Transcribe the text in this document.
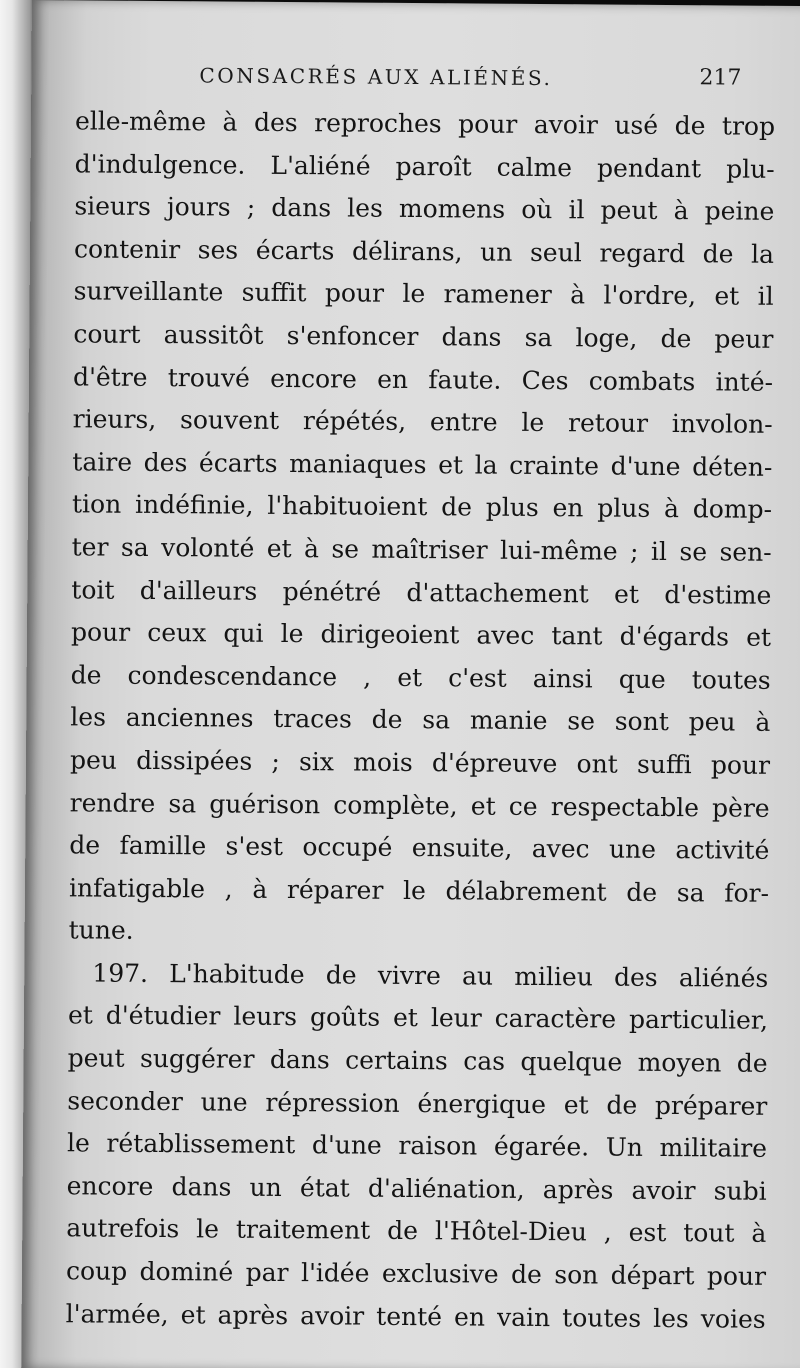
CONSACRÉS AUX ALIÉNÉS.	217
elle-même à des reproches pour avoir usé de trop
d'indulgence. L'aliéné paroît calme pendant plu-
sieurs jours ; dans les momens où il peut à peine
contenir ses écarts délirans, un seul regard de la
surveillante suffit pour le ramener à l'ordre, et il
court aussitôt s'enfoncer dans sa loge, de peur
d'être trouvé encore en faute. Ces combats inté-
rieurs, souvent répétés, entre le retour involon-
taire des écarts maniaques et la crainte d'une déten-
tion indéfinie, l'habituoient de plus en plus à domp-
ter sa volonté et à se maîtriser lui-même ; il se sen-
toit d'ailleurs pénétré d'attachement et d'estime
pour ceux qui le dirigeoient avec tant d'égards et
de condescendance , et c'est ainsi que toutes
les anciennes traces de sa manie se sont peu à
peu dissipées ; six mois d'épreuve ont suffi pour
rendre sa guérison complète, et ce respectable père
de famille s'est occupé ensuite, avec une activité
infatigable , à réparer le délabrement de sa for-
tune.
197. L'habitude de vivre au milieu des aliénés
et d'étudier leurs goûts et leur caractère particulier,
peut suggérer dans certains cas quelque moyen de
seconder une répression énergique et de préparer
le rétablissement d'une raison égarée. Un militaire
encore dans un état d'aliénation, après avoir subi
autrefois le traitement de l'Hôtel-Dieu , est tout à
coup dominé par l'idée exclusive de son départ pour
l'armée, et après avoir tenté en vain toutes les voies
